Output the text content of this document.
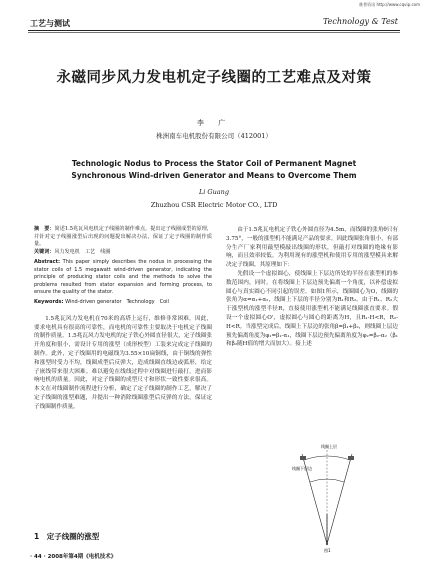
维普资讯 http://www.cqvip.com
工艺与测试	Technology & Test
永磁同步风力发电机定子线圈的工艺难点及对策
李 广
株洲南车电机股份有限公司（412001）
Technologic Nodus to Process the Stator Coil of Permanent Magnet
Synchronous Wind-driven Generator and Means to Overcome Them
Li Guang
Zhuzhou CSR Electric Motor CO., LTD

摘　要：简述1.5兆瓦风电机定子线圈的制作难点，提出定子线圈成型的原理，并针对定子线圈涨型后出现的问题提出解决办法，保证了定子线圈的制作质量。

关键词：风力发电机　工艺　线圈

Abstract: This paper simply describes the nodus in processing the stator coils of 1.5 megawatt wind-driven generator, indicating the principle of producing stator coils and the methods to solve the problems resulted from stator expansion and forming process, to ensure the quality of the stator.

Keywords: Wind-driven generator　Technology　Coil

1.5兆瓦风力发电机在70米的高塔上运行，维修非常困难。因此，要求电机具有很高的可靠性，而电机的可靠性主要取决于电机定子线圈的制作质量。1.5兆瓦风力发电机的定子铁心外圆直径很大，定子线圈张开角度和很小，需设计专用的涨型（成形校型）工装来完成定子线圈的制作。此外，定子线圈用的电磁线为3.55×10扁铜线，由于铜线的弹性和涨型时受力不均，线圈成型后反弹大，造成线圈直线边或弧形，给定子嵌线带来很大困难。难以避免在线线过程中对线圈进行敲打，进而影响电机的质量。因此，对定子线圈的成型尺寸和形状一致性要求很高。本文在对线圈制作流程进行分析，确定了定子线圈的制作工艺，解决了定子线圈的涨型难题，并提出一种消除线圈涨型后反弹的方法，保证定子线圈制作质量。

由于1.5兆瓦电机定子铁心外圆直径为4.5m，而线圈的张角θ只有3.75°，一般的涨型机不能满足产品的要求。因此线圈张角很小，有部分生产厂家利用敲型模敲出线圈的形状，但敲打对线圈的绝缘有影响，而且效率较低。为利用现有的涨型机和使用专用的涨型模具来解决定子线圈，其原理如下：

先假设一个虚拟圆心，使线圈上下层边所处的半径在涨型机的参数范围内，同时，在将线圈上下层边预先偏离一个角度，以补偿虚拟圆心与真实圆心不同引起的误差。如图1所示，线圈圆心为O，线圈的张角为α=α₁+α₂，线圈上下层的半径分别为R₁和R₂。由于R₁、R₂大于涨型机的涨型半径R，直接使用涨型机不能满足线圈涨直要求。假设一个虚拟圆心O'，虚拟圆心与圆心的距离为H，且R₁-H<R，R₂-H<R。当涨型完成后，线圈上下层边的张角β=β₁+β₂，则线圈上层边预先偏离角度为φ₁=β₁-α₁，线圈下层边预先偏离角度为φ₂=β₂-α₂（β₁和β₂随H值的增大而加大）。接上述

线圈上层
线圈下层边
图1
1　定子线圈的涨型
· 44 · 2008年第4期《电机技术》
